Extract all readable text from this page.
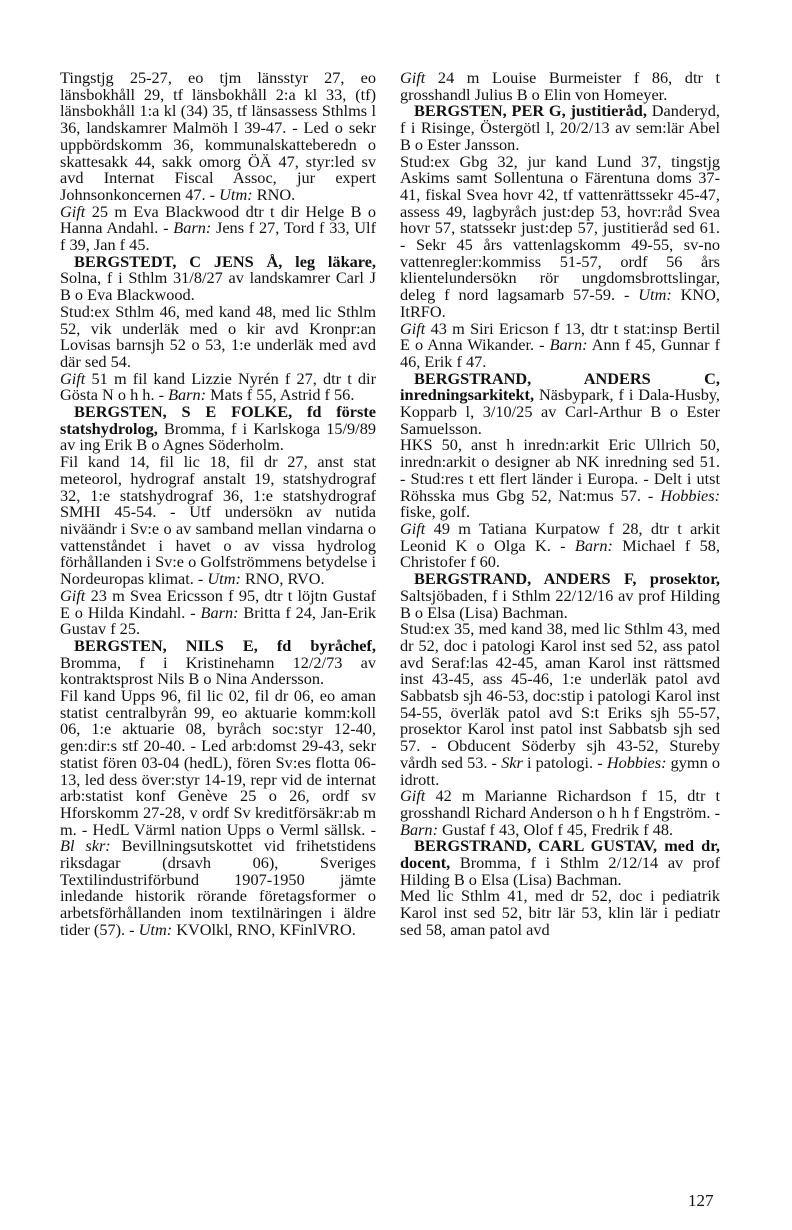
Tingstjg 25-27, eo tjm länsstyr 27, eo länsbokhåll 29, tf länsbokhåll 2:a kl 33, (tf) länsbokhåll 1:a kl (34) 35, tf länsassess Sthlms l 36, landskamrer Malmöh l 39-47. - Led o sekr uppbördskomm 36, kommunalskatteberedn o skattesakk 44, sakk omorg ÖÄ 47, styr:led sv avd Internat Fiscal Assoc, jur expert Johnsonkoncernen 47. - Utm: RNO.

Gift 25 m Eva Blackwood dtr t dir Helge B o Hanna Andahl. - Barn: Jens f 27, Tord f 33, Ulf f 39, Jan f 45.

BERGSTEDT, C JENS Å, leg läkare, Solna, f i Sthlm 31/8/27 av landskamrer Carl J B o Eva Blackwood.

Stud:ex Sthlm 46, med kand 48, med lic Sthlm 52, vik underläk med o kir avd Kronpr:an Lovisas barnsjh 52 o 53, 1:e underläk med avd där sed 54.

Gift 51 m fil kand Lizzie Nyrén f 27, dtr t dir Gösta N o h h. - Barn: Mats f 55, Astrid f 56.

BERGSTEN, S E FOLKE, fd förste statshydrolog, Bromma, f i Karlskoga 15/9/89 av ing Erik B o Agnes Söderholm.

Fil kand 14, fil lic 18, fil dr 27, anst stat meteorol, hydrograf anstalt 19, statshydrograf 32, 1:e statshydrograf 36, 1:e statshydrograf SMHI 45-54. - Utf undersökn av nutida niväändr i Sv:e o av samband mellan vindarna o vattenståndet i havet o av vissa hydrolog förhållanden i Sv:e o Golfströmmens betydelse i Nordeuropas klimat. - Utm: RNO, RVO.

Gift 23 m Svea Ericsson f 95, dtr t löjtn Gustaf E o Hilda Kindahl. - Barn: Britta f 24, Jan-Erik Gustav f 25.

BERGSTEN, NILS E, fd byråchef, Bromma, f i Kristinehamn 12/2/73 av kontraktsprost Nils B o Nina Andersson.

Fil kand Upps 96, fil lic 02, fil dr 06, eo aman statist centralbyrån 99, eo aktuarie komm:koll 06, 1:e aktuarie 08, byråch soc:styr 12-40, gen:dir:s stf 20-40. - Led arb:domst 29-43, sekr statist fören 03-04 (hedL), fören Sv:es flotta 06-13, led dess över:styr 14-19, repr vid de internat arb:statist konf Genève 25 o 26, ordf sv Hforskomm 27-28, v ordf Sv kreditförsäkr:ab m m. - HedL Värml nation Upps o Verml sällsk. - Bl skr: Bevillningsutskottet vid frihetstidens riksdagar (drsavh 06), Sveriges Textilindustriförbund 1907-1950 jämte inledande historik rörande företagsformer o arbetsförhållanden inom textilnäringen i äldre tider (57). - Utm: KVOlkl, RNO, KFinlVRO.

Gift 24 m Louise Burmeister f 86, dtr t grosshandl Julius B o Elin von Homeyer.

BERGSTEN, PER G, justitieråd, Danderyd, f i Risinge, Östergötl l, 20/2/13 av sem:lär Abel B o Ester Jansson.

Stud:ex Gbg 32, jur kand Lund 37, tingstjg Askims samt Sollentuna o Färentuna doms 37-41, fiskal Svea hovr 42, tf vattenrättssekr 45-47, assess 49, lagbyråch just:dep 53, hovr:råd Svea hovr 57, statssekr just:dep 57, justitieråd sed 61. - Sekr 45 års vattenlagskomm 49-55, sv-no vattenregler:kommiss 51-57, ordf 56 års klientelundersökn rör ungdomsbrottslingar, deleg f nord lagsamarb 57-59. - Utm: KNO, ItRFO.

Gift 43 m Siri Ericson f 13, dtr t stat:insp Bertil E o Anna Wikander. - Barn: Ann f 45, Gunnar f 46, Erik f 47.

BERGSTRAND, ANDERS C, inredningsarkitekt, Näsbypark, f i Dala-Husby, Kopparb l, 3/10/25 av Carl-Arthur B o Ester Samuelsson.

HKS 50, anst h inredn:arkit Eric Ullrich 50, inredn:arkit o designer ab NK inredning sed 51. - Stud:res t ett flert länder i Europa. - Delt i utst Röhsska mus Gbg 52, Nat:mus 57. - Hobbies: fiske, golf.

Gift 49 m Tatiana Kurpatow f 28, dtr t arkit Leonid K o Olga K. - Barn: Michael f 58, Christofer f 60.

BERGSTRAND, ANDERS F, prosektor, Saltsjöbaden, f i Sthlm 22/12/16 av prof Hilding B o Elsa (Lisa) Bachman.

Stud:ex 35, med kand 38, med lic Sthlm 43, med dr 52, doc i patologi Karol inst sed 52, ass patol avd Seraf:las 42-45, aman Karol inst rättsmed inst 43-45, ass 45-46, 1:e underläk patol avd Sabbatsb sjh 46-53, doc:stip i patologi Karol inst 54-55, överläk patol avd S:t Eriks sjh 55-57, prosektor Karol inst patol inst Sabbatsb sjh sed 57. - Obducent Söderby sjh 43-52, Stureby vårdh sed 53. - Skr i patologi. - Hobbies: gymn o idrott.

Gift 42 m Marianne Richardson f 15, dtr t grosshandl Richard Anderson o h h f Engström. - Barn: Gustaf f 43, Olof f 45, Fredrik f 48.

BERGSTRAND, CARL GUSTAV, med dr, docent, Bromma, f i Sthlm 2/12/14 av prof Hilding B o Elsa (Lisa) Bachman.

Med lic Sthlm 41, med dr 52, doc i pediatrik Karol inst sed 52, bitr lär 53, klin lär i pediatr sed 58, aman patol avd

127
